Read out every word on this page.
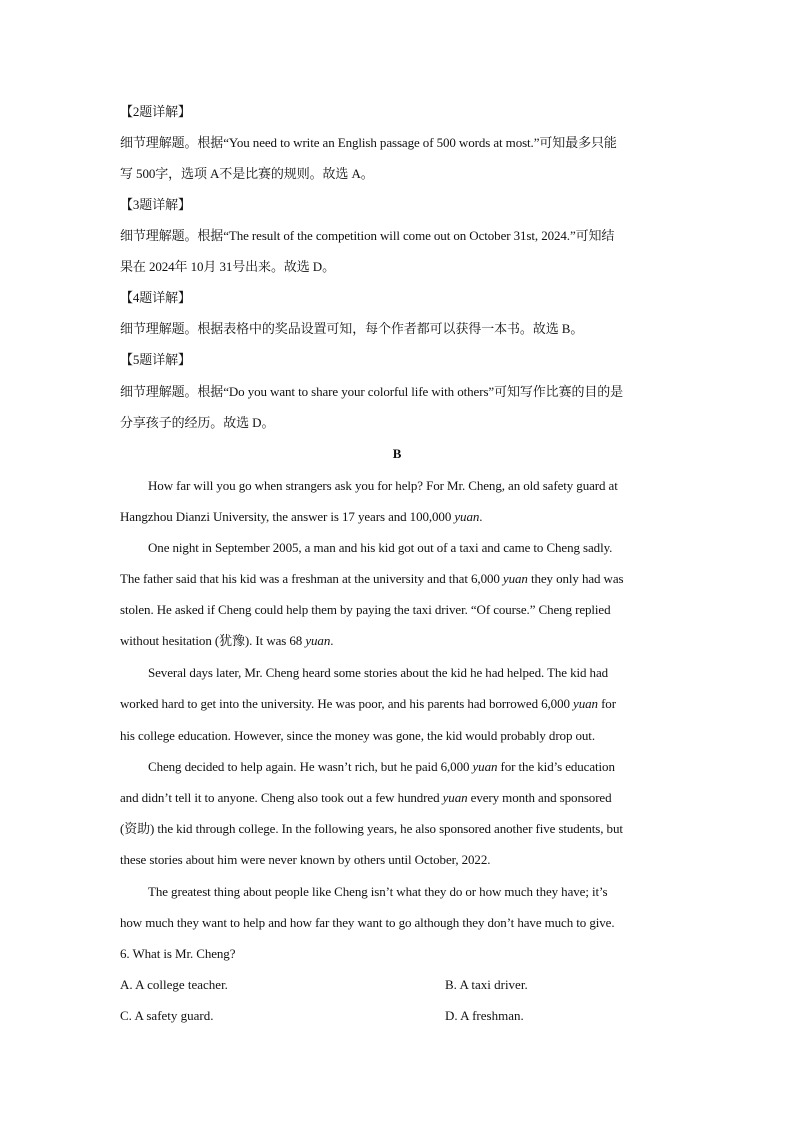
【2题详解】
细节理解题。根据“You need to write an English passage of 500 words at most.”可知最多只能
写 500字，选项 A不是比赛的规则。故选 A。
【3题详解】
细节理解题。根据“The result of the competition will come out on October 31st, 2024.”可知结
果在 2024年 10月 31号出来。故选 D。
【4题详解】
细节理解题。根据表格中的奖品设置可知，每个作者都可以获得一本书。故选 B。
【5题详解】
细节理解题。根据“Do you want to share your colorful life with others”可知写作比赛的目的是
分享孩子的经历。故选 D。
B
How far will you go when strangers ask you for help? For Mr. Cheng, an old safety guard at
Hangzhou Dianzi University, the answer is 17 years and 100,000 yuan.
One night in September 2005, a man and his kid got out of a taxi and came to Cheng sadly.
The father said that his kid was a freshman at the university and that 6,000 yuan they only had was
stolen. He asked if Cheng could help them by paying the taxi driver. “Of course.” Cheng replied
without hesitation (犹豫). It was 68 yuan.
Several days later, Mr. Cheng heard some stories about the kid he had helped. The kid had
worked hard to get into the university. He was poor, and his parents had borrowed 6,000 yuan for
his college education. However, since the money was gone, the kid would probably drop out.
Cheng decided to help again. He wasn’t rich, but he paid 6,000 yuan for the kid’s education
and didn’t tell it to anyone. Cheng also took out a few hundred yuan every month and sponsored
(资助) the kid through college. In the following years, he also sponsored another five students, but
these stories about him were never known by others until October, 2022.
The greatest thing about people like Cheng isn’t what they do or how much they have; it’s
how much they want to help and how far they want to go although they don’t have much to give.
6. What is Mr. Cheng?
A. A college teacher.	B. A taxi driver.
C. A safety guard.	D. A freshman.
